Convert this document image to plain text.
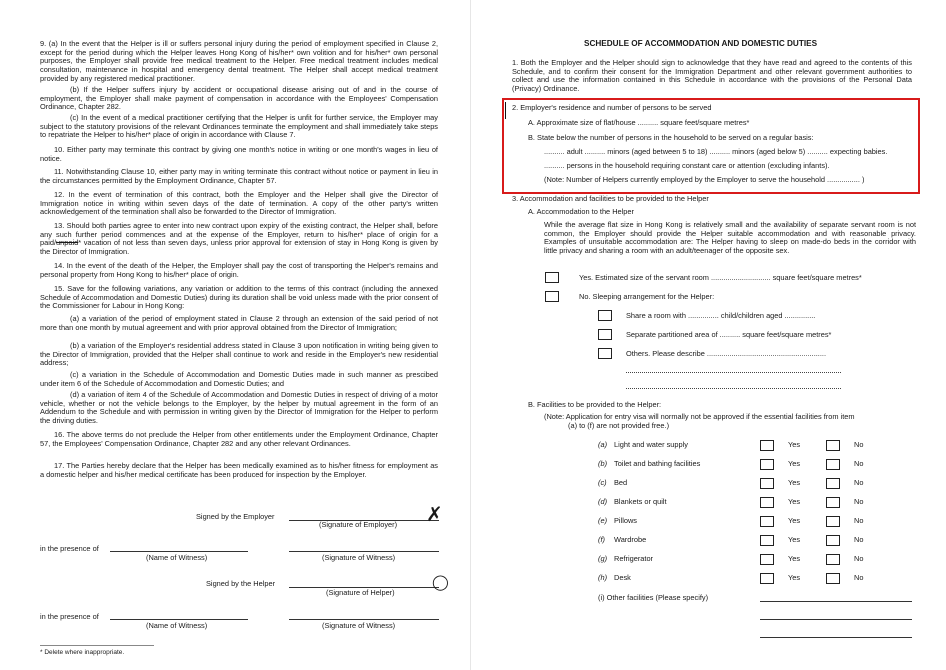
9. (a) In the event that the Helper is ill or suffers personal injury during the period of employment specified in Clause 2, except for the period during which the Helper leaves Hong Kong of his/her* own volition and for his/her* own personal purposes, the Employer shall provide free medical treatment to the Helper. Free medical treatment includes medical consultation, maintenance in hospital and emergency dental treatment. The Helper shall accept medical treatment provided by any registered medical practitioner.
(b) If the Helper suffers injury by accident or occupational disease arising out of and in the course of employment, the Employer shall make payment of compensation in accordance with the Employees' Compensation Ordinance, Chapter 282.
(c) In the event of a medical practitioner certifying that the Helper is unfit for further service, the Employer may subject to the statutory provisions of the relevant Ordinances terminate the employment and shall immediately take steps to repatriate the Helper to his/her* place of origin in accordance with Clause 7.
10. Either party may terminate this contract by giving one month's notice in writing or one month's wages in lieu of notice.
11. Notwithstanding Clause 10, either party may in writing terminate this contract without notice or payment in lieu in the circumstances permitted by the Employment Ordinance, Chapter 57.
12. In the event of termination of this contract, both the Employer and the Helper shall give the Director of Immigration notice in writing within seven days of the date of termination. A copy of the other party's written acknowledgement of the termination shall also be forwarded to the Director of Immigration.
13. Should both parties agree to enter into new contract upon expiry of the existing contract, the Helper shall, before any such further period commences and at the expense of the Employer, return to his/her* place of origin for a paid/unpaid* vacation of not less than seven days, unless prior approval for extension of stay in Hong Kong is given by the Director of Immigration.
14. In the event of the death of the Helper, the Employer shall pay the cost of transporting the Helper's remains and personal property from Hong Kong to his/her* place of origin.
15. Save for the following variations, any variation or addition to the terms of this contract (including the annexed Schedule of Accommodation and Domestic Duties) during its duration shall be void unless made with the prior consent of the Commissioner for Labour in Hong Kong:
(a) a variation of the period of employment stated in Clause 2 through an extension of the said period of not more than one month by mutual agreement and with prior approval obtained from the Director of Immigration;
(b) a variation of the Employer's residential address stated in Clause 3 upon notification in writing being given to the Director of Immigration, provided that the Helper shall continue to work and reside in the Employer's new residential address;
(c) a variation in the Schedule of Accommodation and Domestic Duties made in such manner as prescibed under item 6 of the Schedule of Accommodation and Domestic Duties; and
(d) a variation of item 4 of the Schedule of Accommodation and Domestic Duties in respect of driving of a motor vehicle, whether or not the vehicle belongs to the Employer, by the helper by mutual agreement in the form of an Addendum to the Schedule and with permission in writing given by the Director of Immigration for the Helper to perform the driving duties.
16. The above terms do not preclude the Helper from other entitlements under the Employment Ordinance, Chapter 57, the Employees' Compensation Ordinance, Chapter 282 and any other relevant Ordinances.
17. The Parties hereby declare that the Helper has been medically examined as to his/her fitness for employment as a domestic helper and his/her medical certificate has been produced for inspection by the Employer.
Signed by the Employer	✗
(Signature of Employer)
in the presence of
(Name of Witness)	(Signature of Witness)
Signed by the Helper	◯
(Signature of Helper)
in the presence of
(Name of Witness)	(Signature of Witness)
* Delete where inappropriate.
SCHEDULE OF ACCOMMODATION AND DOMESTIC DUTIES
1. Both the Employer and the Helper should sign to acknowledge that they have read and agreed to the contents of this Schedule, and to confirm their consent for the Immigration Department and other relevant government authorities to collect and use the information contained in this Schedule in accordance with the provisions of the Personal Data (Privacy) Ordinance.
2. Employer's residence and number of persons to be served
A. Approximate size of flat/house .......... square feet/square metres*
B. State below the number of persons in the household to be served on a regular basis:
.......... adult .......... minors (aged between 5 to 18) .......... minors (aged below 5) .......... expecting babies.
.......... persons in the household requiring constant care or attention (excluding infants).
(Note: Number of Helpers currently employed by the Employer to serve the household ................ )
3. Accommodation and facilities to be provided to the Helper
A. Accommodation to the Helper
While the average flat size in Hong Kong is relatively small and the availability of separate servant room is not common, the Employer should provide the Helper suitable accommodation and with reasonable privacy. Examples of unsuitable accommodation are: The Helper having to sleep on made-do beds in the corridor with little privacy and sharing a room with an adult/teenager of the opposite sex.
Yes. Estimated size of the servant room ............................. square feet/square metres*
No. Sleeping arrangement for the Helper:
Share a room with ............... child/children aged ...............
Separate partitioned area of .......... square feet/square metres*
Others. Please describe ..........................................................
B. Facilities to be provided to the Helper:
(Note: Application for entry visa will normally not be approved if the essential facilities from item
(a) to (f) are not provided free.)
(a) Light and water supply	Yes	No
(b) Toilet and bathing facilities	Yes	No
(c) Bed	Yes	No
(d) Blankets or quilt	Yes	No
(e) Pillows	Yes	No
(f) Wardrobe	Yes	No
(g) Refrigerator	Yes	No
(h) Desk	Yes	No
(i) Other facilities (Please specify)
